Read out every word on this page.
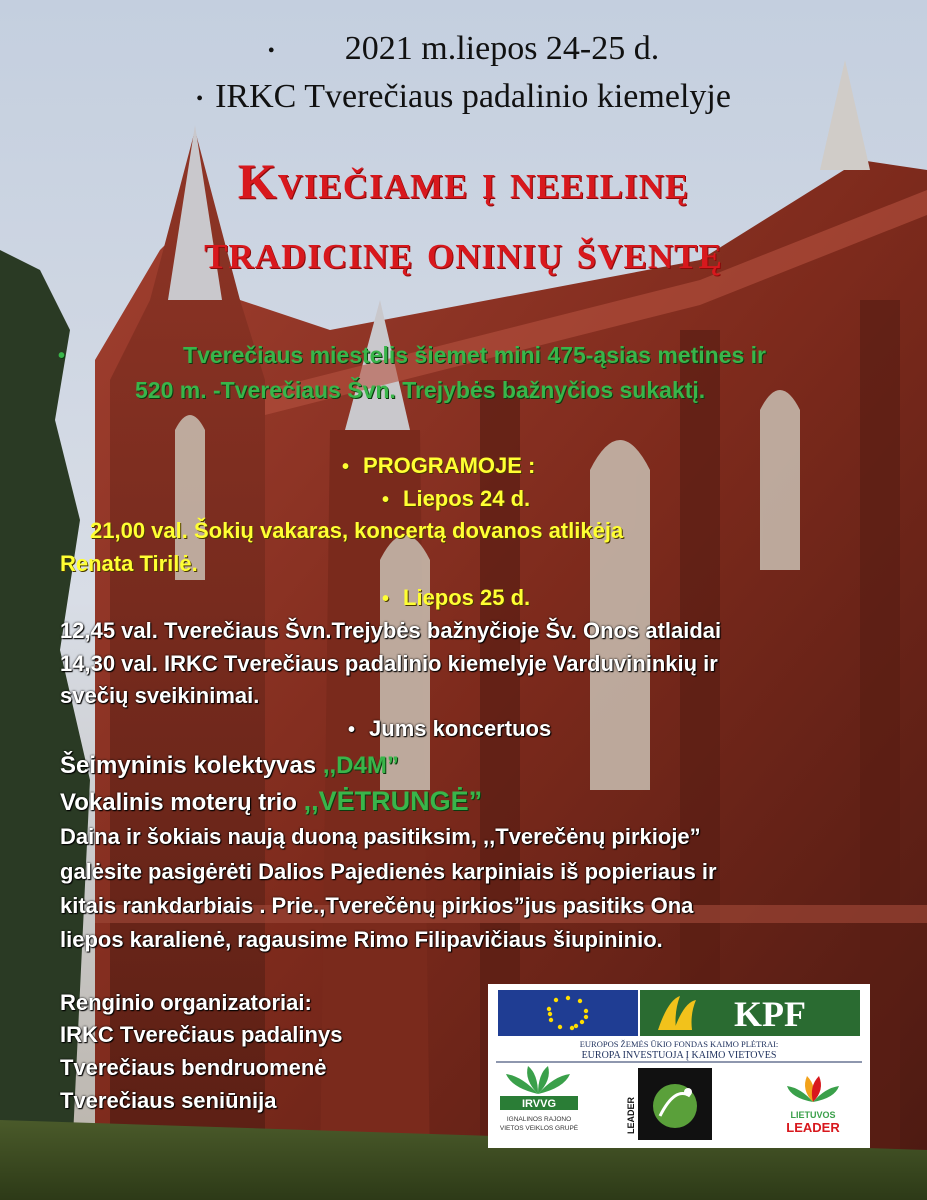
• 2021 m.liepos 24-25 d.

• IRKC Tverečiaus padalinio kiemelyje

Kviečiame į neeilinę

tradicinę oninių šventę

•	Tverečiaus miestelis šiemet mini 475-ąsias metines ir

520 m. -Tverečiaus Švn. Trejybės bažnyčios sukaktį.

• PROGRAMOJE :

• Liepos 24 d.

21,00 val. Šokių vakaras, koncertą dovanos atlikėja

Renata Tirilė.

• Liepos 25 d.

12,45 val. Tverečiaus Švn.Trejybės bažnyčioje Šv. Onos atlaidai

14,30 val. IRKC Tverečiaus padalinio kiemelyje Varduvininkių ir

svečių sveikinimai.

• Jums koncertuos

Šeimyninis kolektyvas ,,D4M”

Vokalinis moterų trio ,,VĖTRUNGĖ”

Daina ir šokiais naują duoną pasitiksim, ,,Tverečėnų pirkioje”

galėsite pasigėrėti Dalios Pajedienės karpiniais iš popieriaus ir

kitais rankdarbiais . Prie.,Tverečėnų pirkios”jus pasitiks Ona

liepos karalienė, ragausime Rimo Filipavičiaus šiupininio.

Renginio organizatoriai:

IRKC Tverečiaus padalinys

Tverečiaus bendruomenė

Tverečiaus seniūnija

KPF
EUROPOS ŽEMĖS ŪKIO FONDAS KAIMO PLĖTRAI:
EUROPA INVESTUOJA Į KAIMO VIETOVES
IRVVG
IGNALINOS RAJONO
VIETOS VEIKLOS GRUPĖ	LEADER	LIETUVOS
LEADER
